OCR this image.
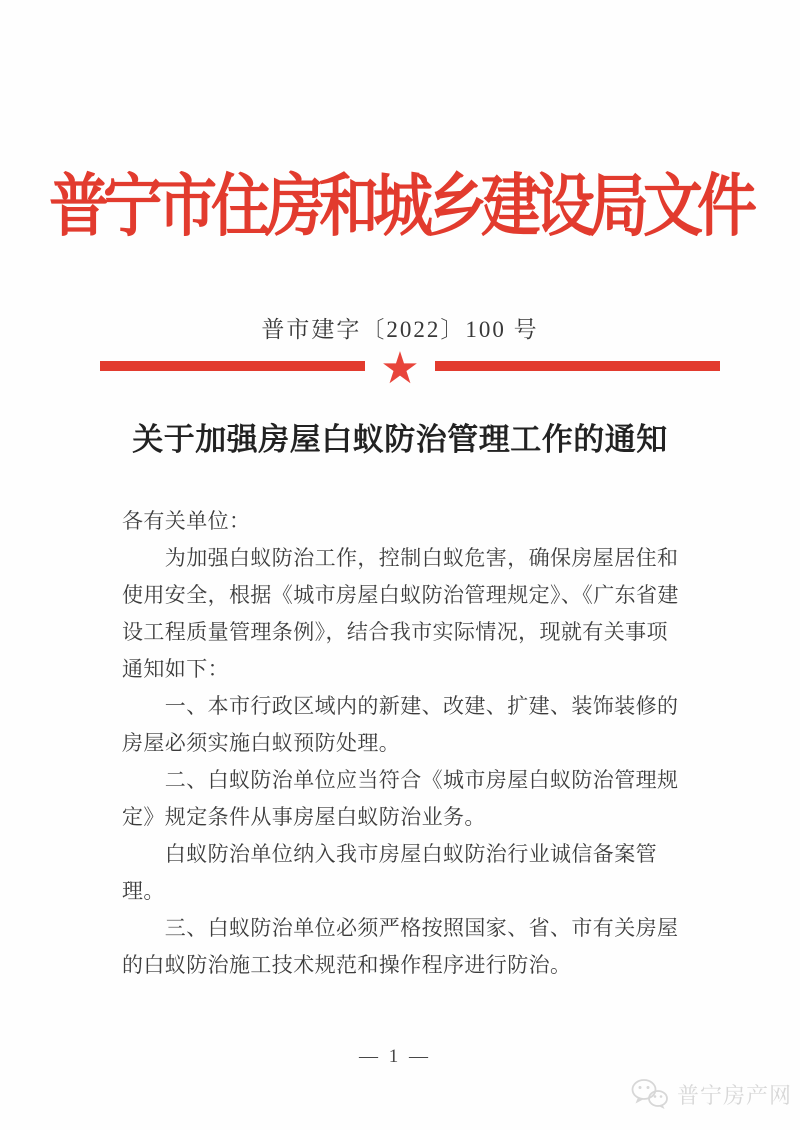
普宁市住房和城乡建设局文件
普市建字〔2022〕100 号
★
关于加强房屋白蚁防治管理工作的通知
各有关单位：
　　为加强白蚁防治工作，控制白蚁危害，确保房屋居住和
使用安全，根据《城市房屋白蚁防治管理规定》、《广东省建
设工程质量管理条例》，结合我市实际情况，现就有关事项
通知如下：
　　一、本市行政区域内的新建、改建、扩建、装饰装修的
房屋必须实施白蚁预防处理。
　　二、白蚁防治单位应当符合《城市房屋白蚁防治管理规
定》规定条件从事房屋白蚁防治业务。
　　白蚁防治单位纳入我市房屋白蚁防治行业诚信备案管
理。
　　三、白蚁防治单位必须严格按照国家、省、市有关房屋
的白蚁防治施工技术规范和操作程序进行防治。
— 1 —
普宁房产网
